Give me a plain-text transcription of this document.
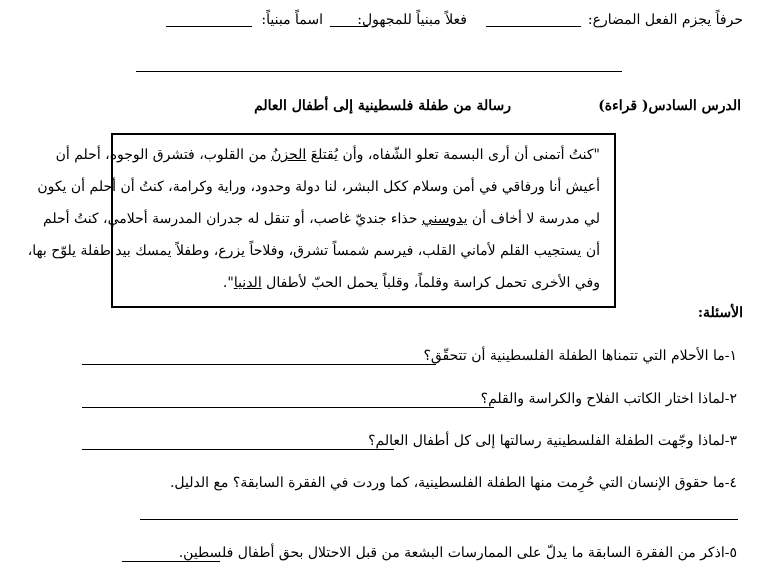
حرفاً يجزم الفعل المضارع:
فعلاً مبنياً للمجهول:
اسماً مبنياً:
الدرس السادس( قراءة)
رسالة من طفلة فلسطينية إلى أطفال العالم
"كنتُ أتمنى أن أرى البسمة تعلو الشّفاه، وأن يُقتلعَ الحزنُ من القلوب، فتشرق الوجوه، أحلم أن
أعيش أنا ورفاقي في أمن وسلام ككل البشر، لنا دولة وحدود، وراية وكرامة، كنتُ أن أحلم أن يكون
لي مدرسة لا أخاف أن يدوسني حذاء جنديّ غاصب، أو تنقل له جدران المدرسة أحلامي، كنتُ أحلم
أن يستجيب القلم لأماني القلب، فيرسم شمساً تشرق، وفلاحاً يزرع، وطفلاً يمسك بيد طفلة يلوّح بها،
وفي الأخرى تحمل كراسة وقلماً، وقلباً يحمل الحبّ لأطفال الدنيا".
الأسئلة:
١-ما الأحلام التي تتمناها الطفلة الفلسطينية أن تتحقّق؟
٢-لماذا اختار الكاتب الفلاح والكراسة والقلم؟
٣-لماذا وجّهت الطفلة الفلسطينية رسالتها إلى كل أطفال العالم؟
٤-ما حقوق الإنسان التي حُرِمت منها الطفلة الفلسطينية، كما وردت في الفقرة السابقة؟ مع الدليل.
٥-اذكر من الفقرة السابقة ما يدلّ على الممارسات البشعة من قبل الاحتلال بحق أطفال فلسطين.
